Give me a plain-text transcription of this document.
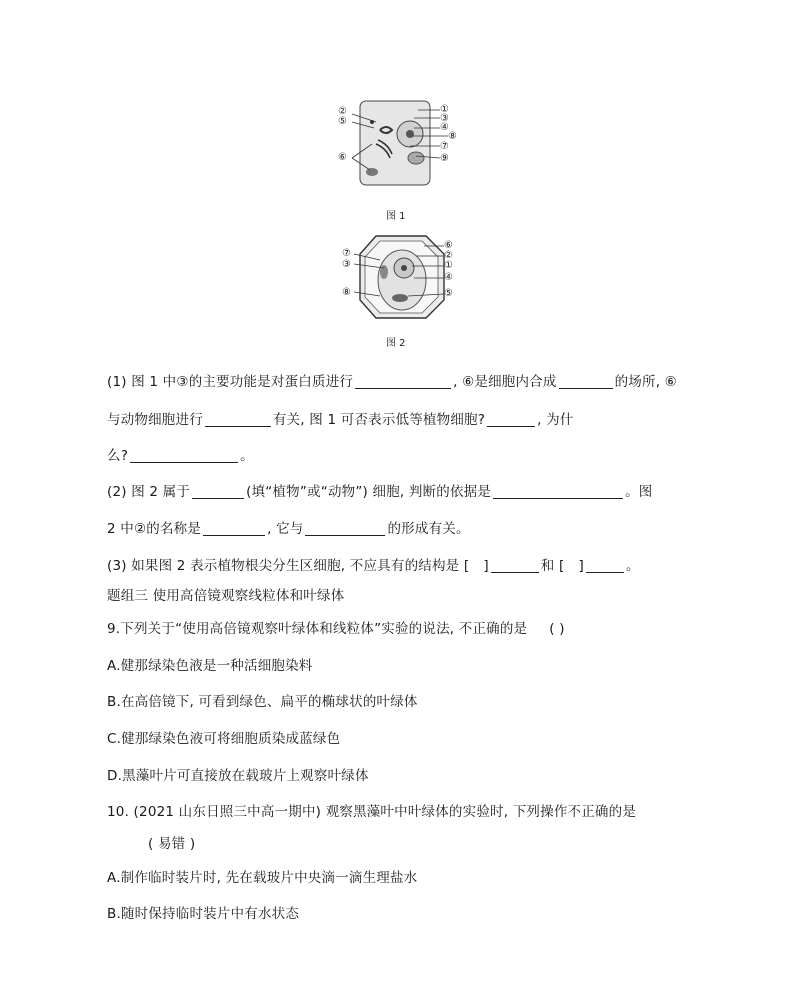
②
⑤
⑥
①
③
④
⑧
⑦
⑨
图 1
⑦
③
⑧
⑥
②
①
④
⑤
图 2
(1) 图 1 中③的主要功能是对蛋白质进行	, ⑥是细胞内合成	的场所, ⑥
与动物细胞进行	有关, 图 1 可否表示低等植物细胞?	, 为什
么?	。
(2) 图 2 属于	(填“植物”或“动物”) 细胞, 判断的依据是	。图
2 中②的名称是	, 它与	的形成有关。
(3) 如果图 2 表示植物根尖分生区细胞, 不应具有的结构是 [ ]	和 [ ]	。
题组三 使用高倍镜观察线粒体和叶绿体
9.下列关于“使用高倍镜观察叶绿体和线粒体”实验的说法, 不正确的是 ( )
A.健那绿染色液是一种活细胞染料
B.在高倍镜下, 可看到绿色、扁平的椭球状的叶绿体
C.健那绿染色液可将细胞质染成蓝绿色
D.黑藻叶片可直接放在载玻片上观察叶绿体
10. (2021 山东日照三中高一期中) 观察黑藻叶中叶绿体的实验时, 下列操作不正确的是
( 易错 )
A.制作临时装片时, 先在载玻片中央滴一滴生理盐水
B.随时保持临时装片中有水状态
